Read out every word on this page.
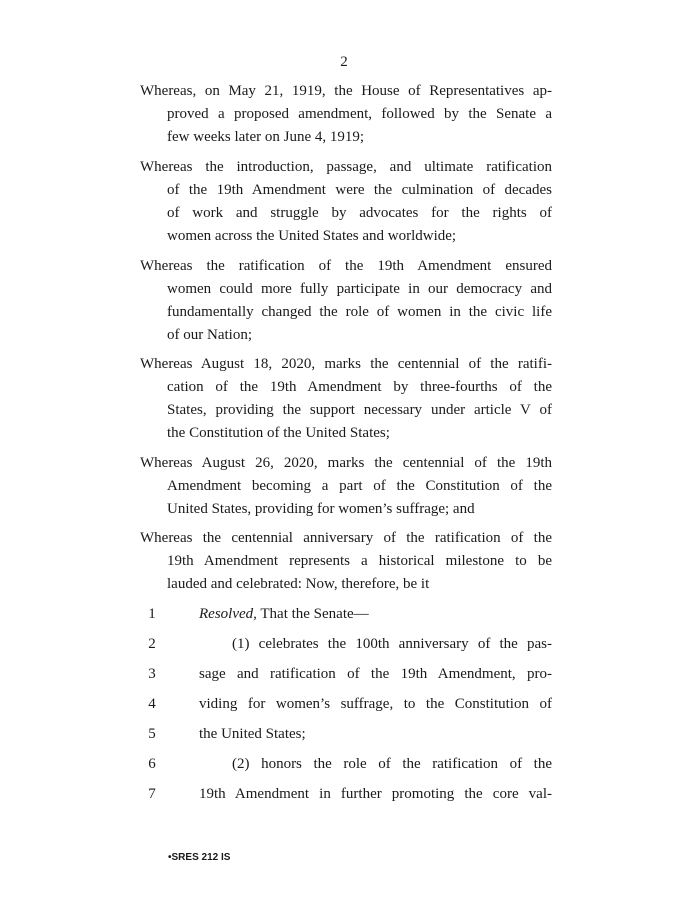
2
Whereas, on May 21, 1919, the House of Representatives ap-
proved a proposed amendment, followed by the Senate a
few weeks later on June 4, 1919;
Whereas the introduction, passage, and ultimate ratification
of the 19th Amendment were the culmination of decades
of work and struggle by advocates for the rights of
women across the United States and worldwide;
Whereas the ratification of the 19th Amendment ensured
women could more fully participate in our democracy and
fundamentally changed the role of women in the civic life
of our Nation;
Whereas August 18, 2020, marks the centennial of the ratifi-
cation of the 19th Amendment by three-fourths of the
States, providing the support necessary under article V of
the Constitution of the United States;
Whereas August 26, 2020, marks the centennial of the 19th
Amendment becoming a part of the Constitution of the
United States, providing for women’s suffrage; and
Whereas the centennial anniversary of the ratification of the
19th Amendment represents a historical milestone to be
lauded and celebrated: Now, therefore, be it
1	Resolved, That the Senate—
2	(1) celebrates the 100th anniversary of the pas-
3	sage and ratification of the 19th Amendment, pro-
4	viding for women’s suffrage, to the Constitution of
5	the United States;
6	(2) honors the role of the ratification of the
7	19th Amendment in further promoting the core val-
•SRES 212 IS
